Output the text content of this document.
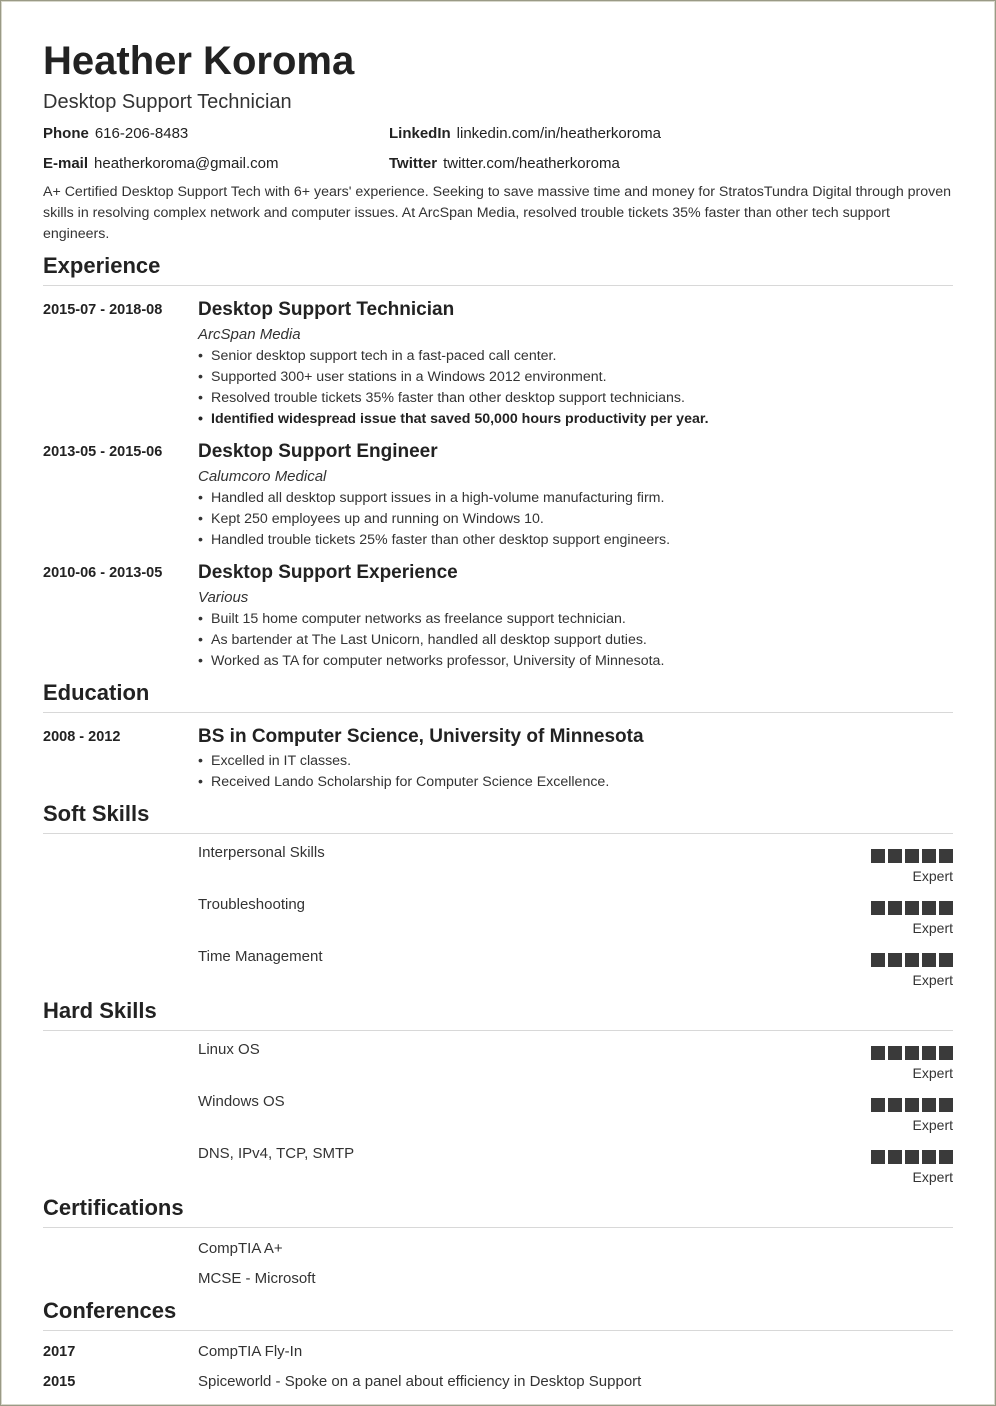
Heather Koroma
Desktop Support Technician
Phone 616-206-8483	LinkedIn linkedin.com/in/heatherkoroma
E-mail heatherkoroma@gmail.com	Twitter twitter.com/heatherkoroma
A+ Certified Desktop Support Tech with 6+ years' experience. Seeking to save massive time and money for StratosTundra Digital through proven skills in resolving complex network and computer issues. At ArcSpan Media, resolved trouble tickets 35% faster than other tech support engineers.
Experience
2015-07 - 2018-08 Desktop Support Technician
ArcSpan Media
• Senior desktop support tech in a fast-paced call center.
• Supported 300+ user stations in a Windows 2012 environment.
• Resolved trouble tickets 35% faster than other desktop support technicians.
• Identified widespread issue that saved 50,000 hours productivity per year.
2013-05 - 2015-06 Desktop Support Engineer
Calumcoro Medical
• Handled all desktop support issues in a high-volume manufacturing firm.
• Kept 250 employees up and running on Windows 10.
• Handled trouble tickets 25% faster than other desktop support engineers.
2010-06 - 2013-05 Desktop Support Experience
Various
• Built 15 home computer networks as freelance support technician.
• As bartender at The Last Unicorn, handled all desktop support duties.
• Worked as TA for computer networks professor, University of Minnesota.
Education
2008 - 2012	BS in Computer Science, University of Minnesota
• Excelled in IT classes.
• Received Lando Scholarship for Computer Science Excellence.
Soft Skills
Interpersonal Skills
Expert
Troubleshooting
Expert
Time Management
Expert
Hard Skills
Linux OS
Expert
Windows OS
Expert
DNS, IPv4, TCP, SMTP
Expert
Certifications
CompTIA A+
MCSE - Microsoft
Conferences
2017	CompTIA Fly-In
2015	Spiceworld - Spoke on a panel about efficiency in Desktop Support
